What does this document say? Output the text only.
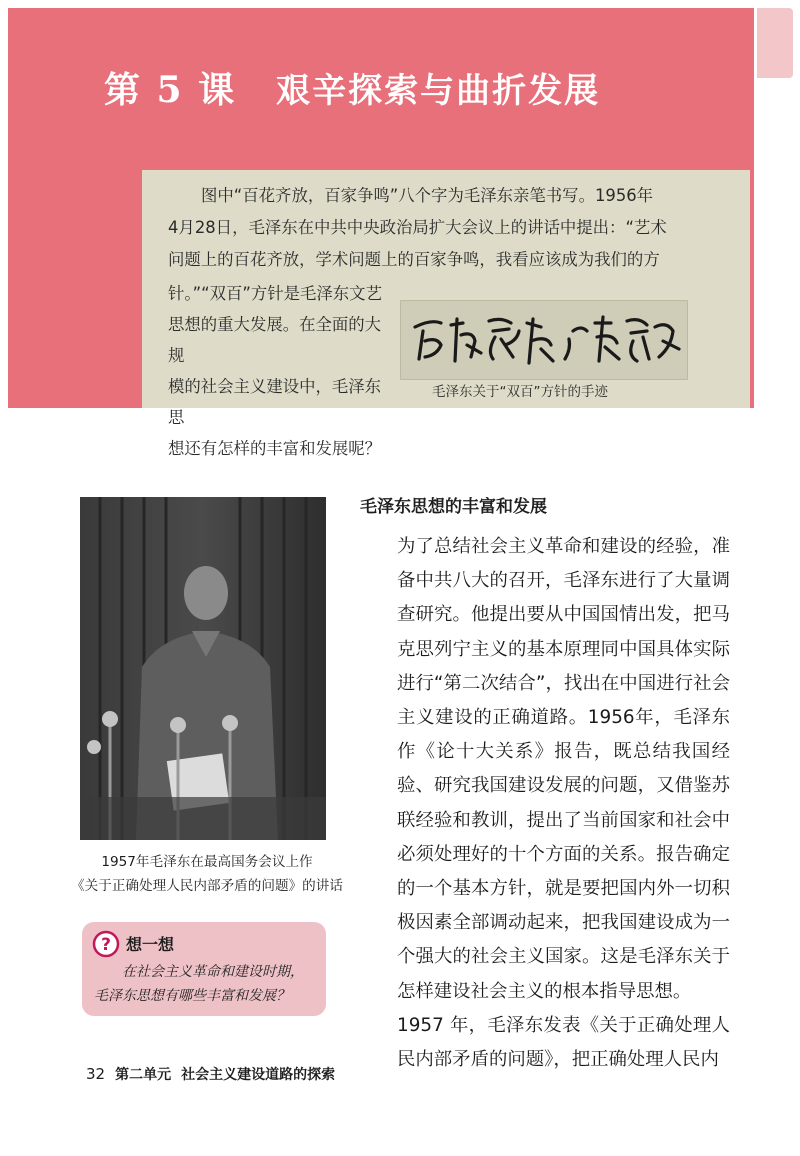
第 5 课 艰辛探索与曲折发展
图中“百花齐放，百家争鸣”八个字为毛泽东亲笔书写。1956年
4月28日，毛泽东在中共中央政治局扩大会议上的讲话中提出：“艺术
问题上的百花齐放，学术问题上的百家争鸣，我看应该成为我们的方
针。”“双百”方针是毛泽东文艺
思想的重大发展。在全面的大规
模的社会主义建设中，毛泽东思
想还有怎样的丰富和发展呢？
毛泽东关于“双百”方针的手迹
1957年毛泽东在最高国务会议上作
《关于正确处理人民内部矛盾的问题》的讲话
? 想一想
在社会主义革命和建设时期，
毛泽东思想有哪些丰富和发展？
毛泽东思想的丰富和发展

为了总结社会主义革命和建设的经验，准备中共八大的召开，毛泽东进行了大量调查研究。他提出要从中国国情出发，把马克思列宁主义的基本原理同中国具体实际进行“第二次结合”，找出在中国进行社会主义建设的正确道路。1956年，毛泽东作《论十大关系》报告，既总结我国经验、研究我国建设发展的问题，又借鉴苏联经验和教训，提出了当前国家和社会中必须处理好的十个方面的关系。报告确定的一个基本方针，就是要把国内外一切积极因素全部调动起来，把我国建设成为一个强大的社会主义国家。这是毛泽东关于怎样建设社会主义的根本指导思想。

1957 年，毛泽东发表《关于正确处理人民内部矛盾的问题》，把正确处理人民内

32 第二单元 社会主义建设道路的探索
